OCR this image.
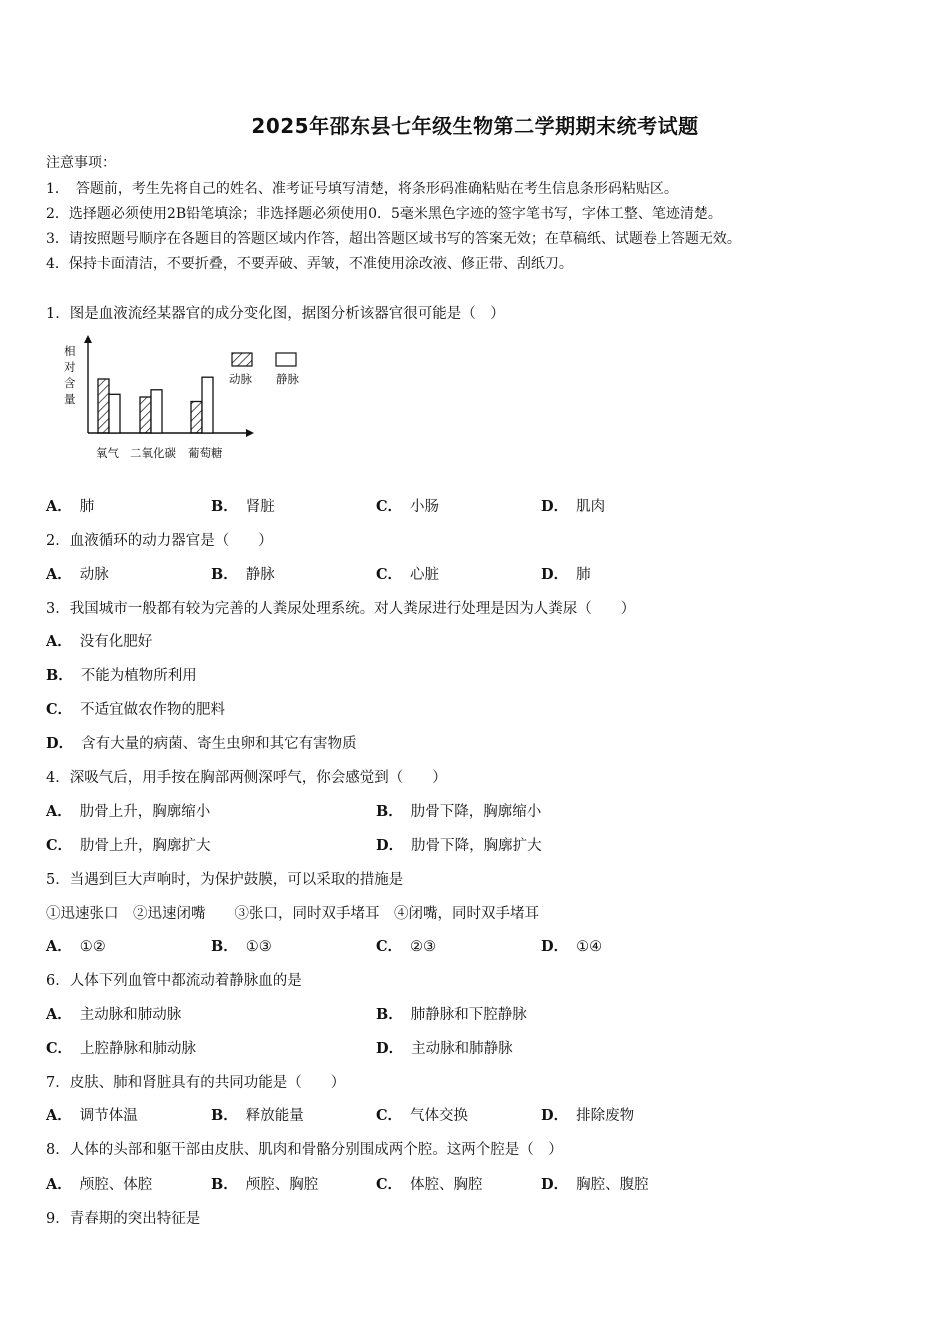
2025年邵东县七年级生物第二学期期末统考试题
注意事项：
1．　答题前，考生先将自己的姓名、准考证号填写清楚，将条形码准确粘贴在考生信息条形码粘贴区。
2．选择题必须使用2B铅笔填涂；非选择题必须使用0．5毫米黑色字迹的签字笔书写，字体工整、笔迹清楚。
3．请按照题号顺序在各题目的答题区域内作答，超出答题区域书写的答案无效；在草稿纸、试题卷上答题无效。
4．保持卡面清洁，不要折叠，不要弄破、弄皱，不准使用涂改液、修正带、刮纸刀。
1．图是血液流经某器官的成分变化图，据图分析该器官很可能是（　）
相
对
含
量
氧气 二氧化碳 葡萄糖
动脉 静脉
A． 肺	B． 肾脏	C． 小肠	D． 肌肉
2．血液循环的动力器官是（　　）
A． 动脉	B． 静脉	C． 心脏	D． 肺
3．我国城市一般都有较为完善的人粪尿处理系统。对人粪尿进行处理是因为人粪尿（　　）
A． 没有化肥好
B． 不能为植物所利用
C． 不适宜做农作物的肥料
D． 含有大量的病菌、寄生虫卵和其它有害物质
4．深吸气后，用手按在胸部两侧深呼气，你会感觉到（　　）
A． 肋骨上升，胸廓缩小	B． 肋骨下降，胸廓缩小
C． 肋骨上升，胸廓扩大	D． 肋骨下降，胸廓扩大
5．当遇到巨大声响时，为保护鼓膜，可以采取的措施是
①迅速张口　②迅速闭嘴　　③张口，同时双手堵耳　④闭嘴，同时双手堵耳
A． ①②	B． ①③	C． ②③	D． ①④
6．人体下列血管中都流动着静脉血的是
A． 主动脉和肺动脉	B． 肺静脉和下腔静脉
C． 上腔静脉和肺动脉	D． 主动脉和肺静脉
7．皮肤、肺和肾脏具有的共同功能是（　　）
A． 调节体温	B． 释放能量	C． 气体交换	D． 排除废物
8．人体的头部和躯干部由皮肤、肌肉和骨骼分别围成两个腔。这两个腔是（　）
A． 颅腔、体腔	B． 颅腔、胸腔	C． 体腔、胸腔	D． 胸腔、腹腔
9．青春期的突出特征是
